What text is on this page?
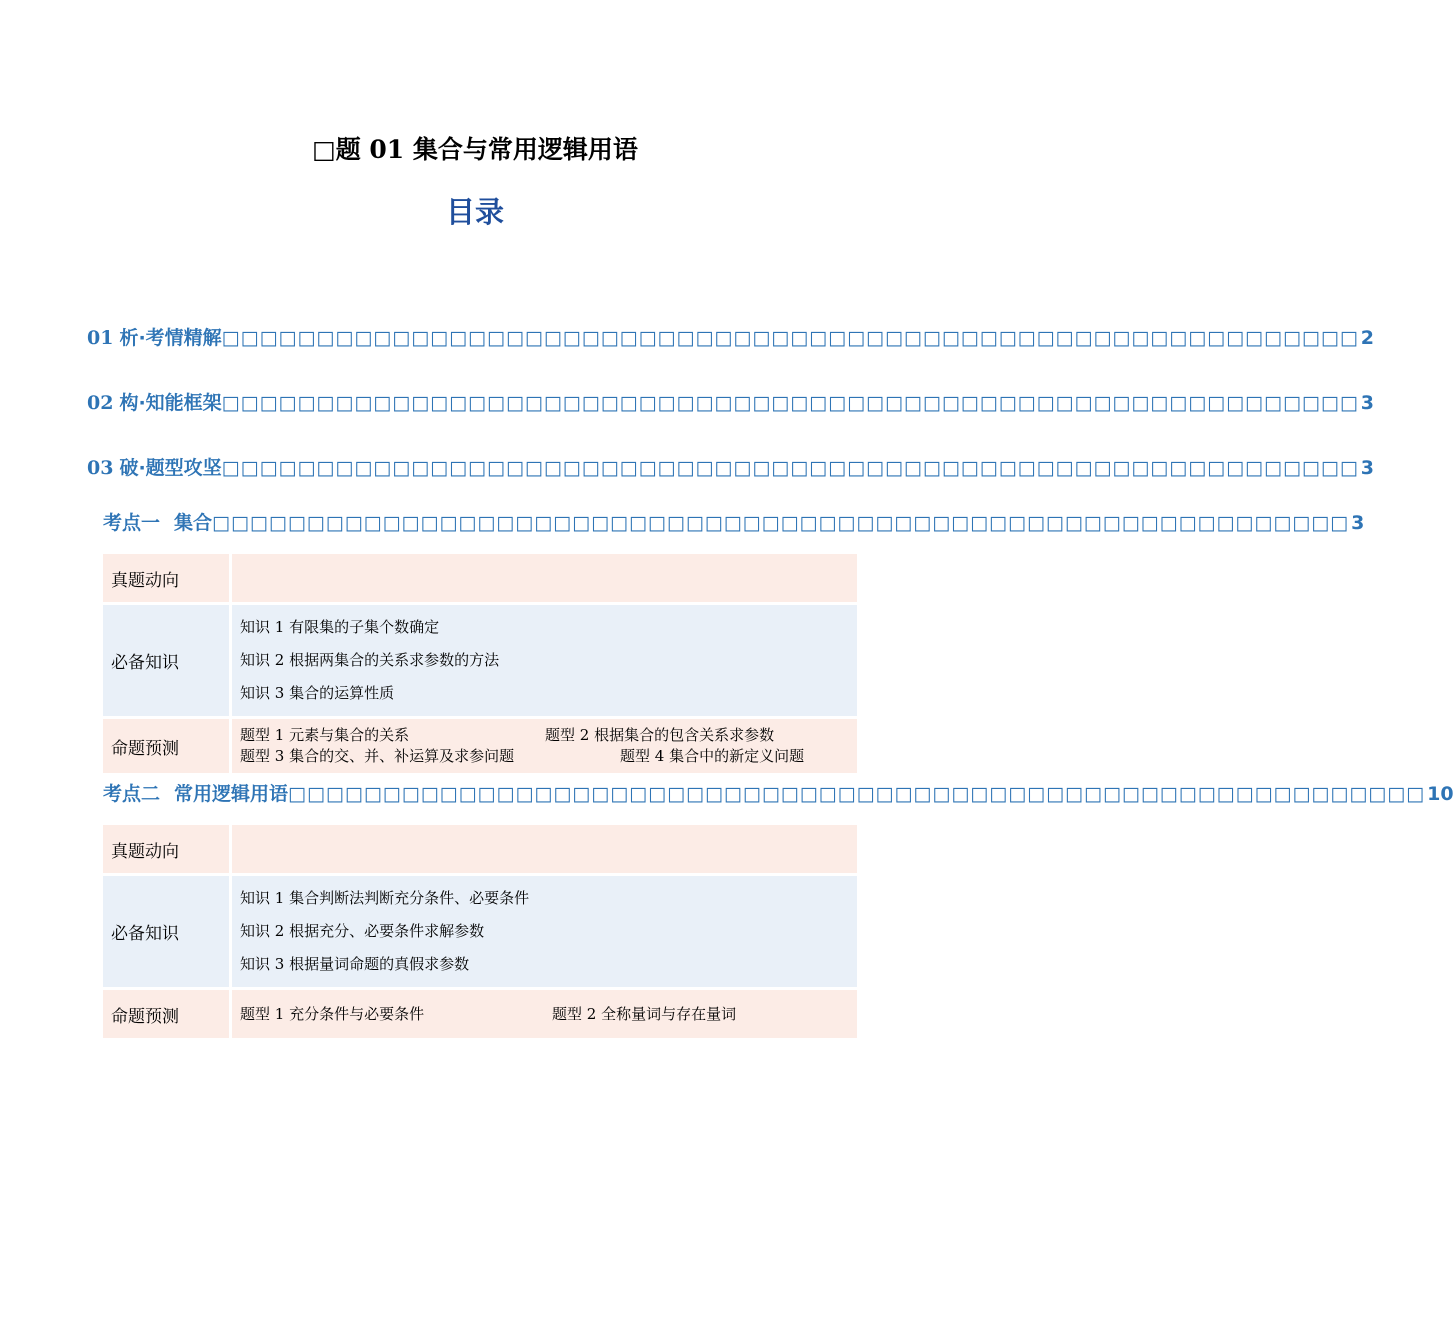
□题 01 集合与常用逻辑用语
目录
01 析·考情精解 □□□□□□□□□□□□□□□□□□□□□□□□□□□□□□□□□□□□□□□□□□□□□□□□□□□□□□□□□□□□ 2
02 构·知能框架 □□□□□□□□□□□□□□□□□□□□□□□□□□□□□□□□□□□□□□□□□□□□□□□□□□□□□□□□□□□□ 3
03 破·题型攻坚 □□□□□□□□□□□□□□□□□□□□□□□□□□□□□□□□□□□□□□□□□□□□□□□□□□□□□□□□□□□□ 3
考点一 集合 □□□□□□□□□□□□□□□□□□□□□□□□□□□□□□□□□□□□□□□□□□□□□□□□□□□□□□□□□□□□ 3
真题动向	
必备知识	知识 1 有限集的子集个数确定
知识 2 根据两集合的关系求参数的方法
知识 3 集合的运算性质

命题预测	题型 1 元素与集合的关系 题型 2 根据集合的包含关系求参数
题型 3 集合的交、并、补运算及求参问题 题型 4 集合中的新定义问题
考点二 常用逻辑用语 □□□□□□□□□□□□□□□□□□□□□□□□□□□□□□□□□□□□□□□□□□□□□□□□□□□□□□□□□□□□ 10
真题动向	
必备知识	知识 1 集合判断法判断充分条件、必要条件
知识 2 根据充分、必要条件求解参数
知识 3 根据量词命题的真假求参数

命题预测	题型 1 充分条件与必要条件 题型 2 全称量词与存在量词
